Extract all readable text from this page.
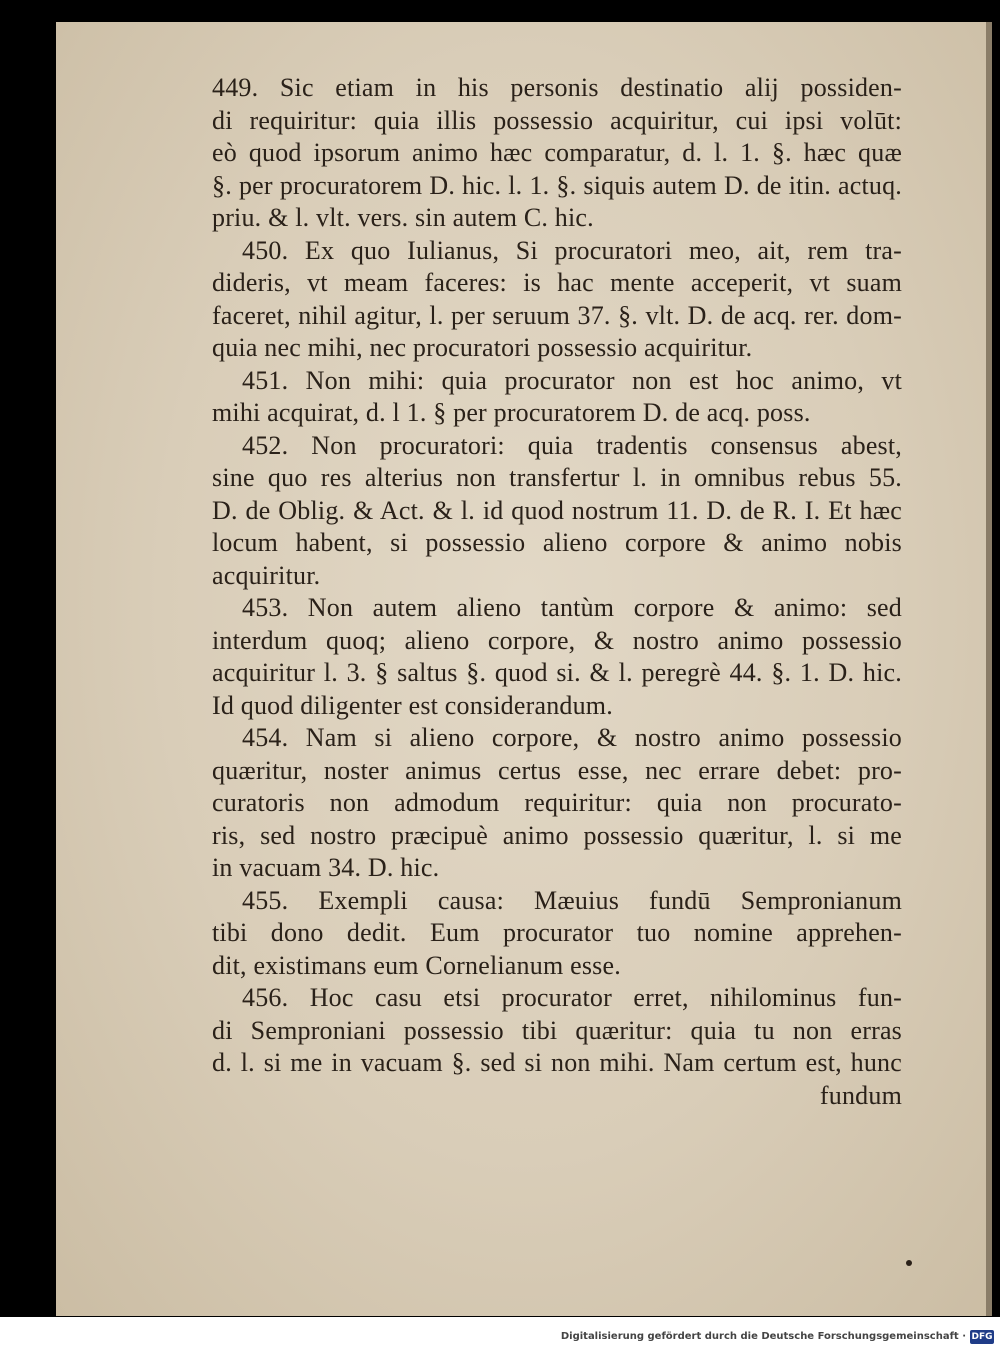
449. Sic etiam in his personis destinatio alij possiden-
di requiritur: quia illis possessio acquiritur, cui ipsi volūt:
eò quod ipsorum animo hæc comparatur, d. l. 1. §. hæc quæ
§. per procuratorem D. hic. l. 1. §. siquis autem D. de itin. actuq.
priu. & l. vlt. vers. sin autem C. hic.
450. Ex quo Iulianus, Si procuratori meo, ait, rem tra-
dideris, vt meam faceres: is hac mente acceperit, vt suam
faceret, nihil agitur, l. per seruum 37. §. vlt. D. de acq. rer. dom-
quia nec mihi, nec procuratori possessio acquiritur.
451. Non mihi: quia procurator non est hoc animo, vt
mihi acquirat, d. l 1. § per procuratorem D. de acq. poss.
452. Non procuratori: quia tradentis consensus abest,
sine quo res alterius non transfertur l. in omnibus rebus 55.
D. de Oblig. & Act. & l. id quod nostrum 11. D. de R. I. Et hæc
locum habent, si possessio alieno corpore & animo nobis
acquiritur.
453. Non autem alieno tantùm corpore & animo: sed
interdum quoq; alieno corpore, & nostro animo possessio
acquiritur l. 3. § saltus §. quod si. & l. peregrè 44. §. 1. D. hic.
Id quod diligenter est considerandum.
454. Nam si alieno corpore, & nostro animo possessio
quæritur, noster animus certus esse, nec errare debet: pro-
curatoris non admodum requiritur: quia non procurato-
ris, sed nostro præcipuè animo possessio quæritur, l. si me
in vacuam 34. D. hic.
455. Exempli causa: Mæuius fundū Sempronianum
tibi dono dedit. Eum procurator tuo nomine apprehen-
dit, existimans eum Cornelianum esse.
456. Hoc casu etsi procurator erret, nihilominus fun-
di Semproniani possessio tibi quæritur: quia tu non erras
d. l. si me in vacuam §. sed si non mihi. Nam certum est, hunc
fundum
Digitalisierung gefördert durch die Deutsche Forschungsgemeinschaft · DFG
